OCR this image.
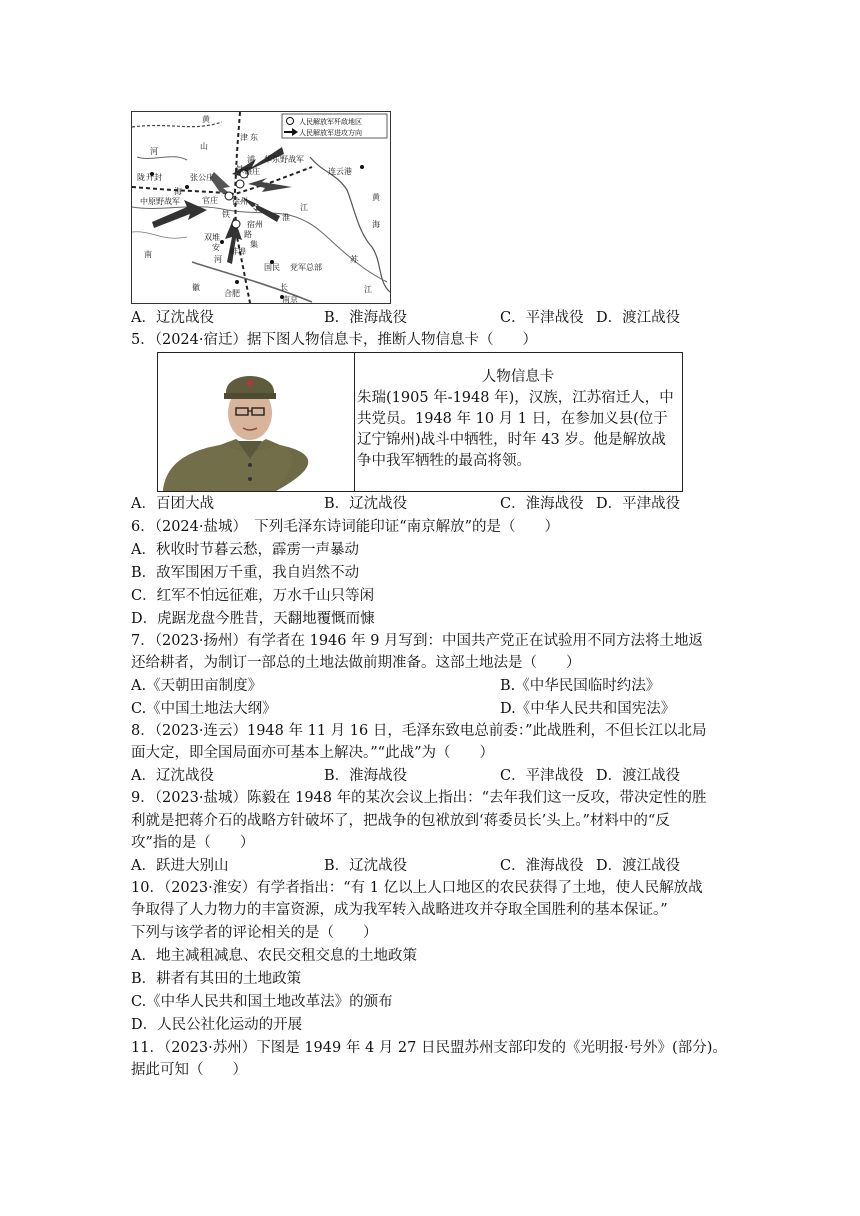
人民解放军歼敌地区
人民解放军进攻方向
黄
山
东
津
浦 华东野战军
连云港
黄
海
河
张公庄
铁 碾庄
陇 开封
海
中原野战军	官庄 徐州
铁
宿州
路
安
双堆
集
江
淮
南
河
蚌埠
国民 党军总部
苏
长
徽
合肥
南京
江
A．辽沈战役	B．淮海战役	C．平津战役 D．渡江战役
5．（2024·宿迁）据下图人物信息卡，推断人物信息卡（　　）
人物信息卡
朱瑞(1905 年-1948 年)，汉族，江苏宿迁人，中
共党员。1948 年 10 月 1 日，在参加义县(位于
辽宁锦州)战斗中牺牲，时年 43 岁。他是解放战
争中我军牺牲的最高将领。
A．百团大战	B．辽沈战役	C．淮海战役 D．平津战役
6．（2024·盐城）　下列毛泽东诗词能印证“南京解放”的是（　　）
A．秋收时节暮云愁，霹雳一声暴动
B．敌军围困万千重，我自岿然不动
C．红军不怕远征难，万水千山只等闲
D．虎踞龙盘今胜昔，天翻地覆慨而慷
7．（2023·扬州）有学者在 1946 年 9 月写到：中国共产党正在试验用不同方法将土地返
还给耕者，为制订一部总的土地法做前期准备。这部土地法是（　　）
A.《天朝田亩制度》	B.《中华民国临时约法》
C.《中国土地法大纲》	D.《中华人民共和国宪法》
8．（2023·连云）1948 年 11 月 16 日，毛泽东致电总前委：”此战胜利，不但长江以北局
面大定，即全国局面亦可基本上解决。”“此战”为（　　）
A．辽沈战役	B．淮海战役	C．平津战役 D．渡江战役
9．（2023·盐城）陈毅在 1948 年的某次会议上指出：“去年我们这一反攻，带决定性的胜
利就是把蒋介石的战略方针破坏了，把战争的包袱放到‘蒋委员长’头上。”材料中的“反
攻”指的是（　　）
A．跃进大别山	B．辽沈战役	C．淮海战役 D．渡江战役
10．（2023·淮安）有学者指出：“有 1 亿以上人口地区的农民获得了土地，使人民解放战
争取得了人力物力的丰富资源，成为我军转入战略进攻并夺取全国胜利的基本保证。”
下列与该学者的评论相关的是（　　）
A．地主减租减息、农民交租交息的土地政策
B．耕者有其田的土地政策
C.《中华人民共和国土地改革法》的颁布
D．人民公社化运动的开展
11．（2023·苏州）下图是 1949 年 4 月 27 日民盟苏州支部印发的《光明报·号外》(部分)。
据此可知（　　）
